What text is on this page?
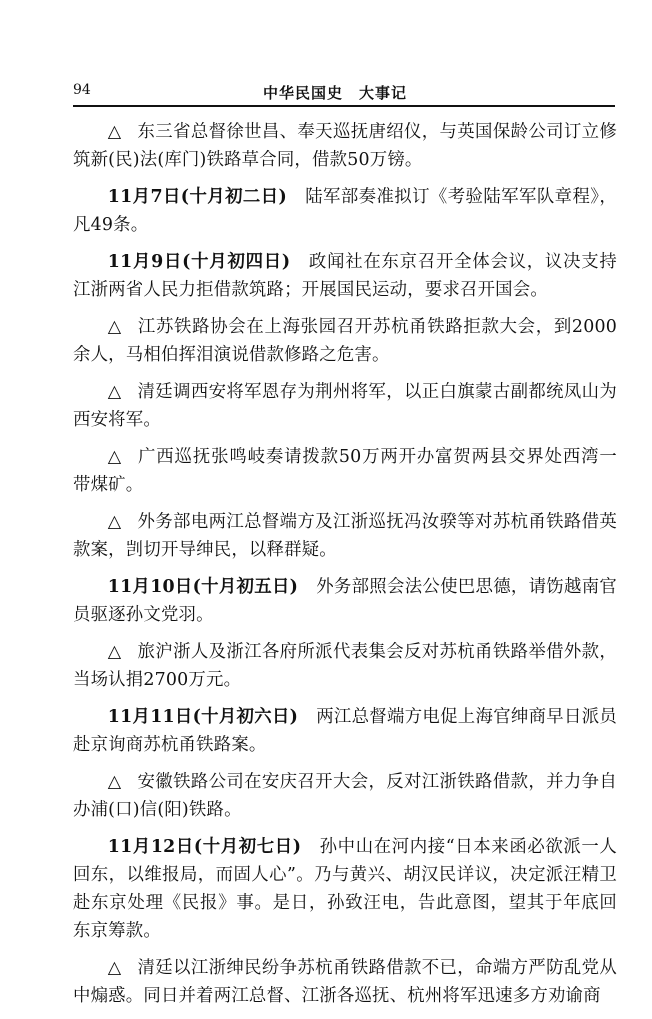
94	中华民国史　大事记

△ 东三省总督徐世昌、奉天巡抚唐绍仪，与英国保龄公司订立修筑新(民)法(库门)铁路草合同，借款50万镑。

11月7日(十月初二日) 陆军部奏准拟订《考验陆军军队章程》，凡49条。

11月9日(十月初四日) 政闻社在东京召开全体会议，议决支持江浙两省人民力拒借款筑路；开展国民运动，要求召开国会。

△ 江苏铁路协会在上海张园召开苏杭甬铁路拒款大会，到2000余人，马相伯挥泪演说借款修路之危害。

△ 清廷调西安将军恩存为荆州将军，以正白旗蒙古副都统凤山为西安将军。

△ 广西巡抚张鸣岐奏请拨款50万两开办富贺两县交界处西湾一带煤矿。

△ 外务部电两江总督端方及江浙巡抚冯汝骙等对苏杭甬铁路借英款案，剀切开导绅民，以释群疑。

11月10日(十月初五日) 外务部照会法公使巴思德，请饬越南官员驱逐孙文党羽。

△ 旅沪浙人及浙江各府所派代表集会反对苏杭甬铁路举借外款，当场认捐2700万元。

11月11日(十月初六日) 两江总督端方电促上海官绅商早日派员赴京询商苏杭甬铁路案。

△ 安徽铁路公司在安庆召开大会，反对江浙铁路借款，并力争自办浦(口)信(阳)铁路。

11月12日(十月初七日) 孙中山在河内接“日本来函必欲派一人回东，以维报局，而固人心”。乃与黄兴、胡汉民详议，决定派汪精卫赴东京处理《民报》事。是日，孙致汪电，告此意图，望其于年底回东京筹款。

△ 清廷以江浙绅民纷争苏杭甬铁路借款不已，命端方严防乱党从中煽惑。同日并着两江总督、江浙各巡抚、杭州将军迅速多方劝谕商
